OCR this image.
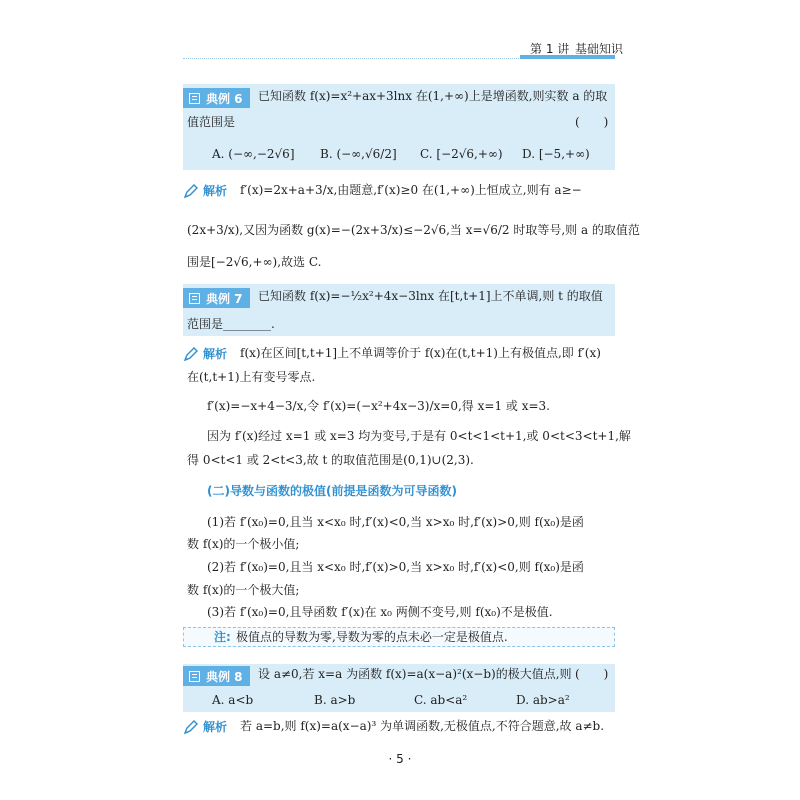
第 1 讲 基础知识
典例 6 已知函数 f(x)=x²+ax+3lnx 在(1,+∞)上是增函数,则实数 a 的取
值范围是	(　　)
A. (−∞,−2√6] B. (−∞,√6/2] C. [−2√6,+∞) D. [−5,+∞)
解析 f′(x)=2x+a+3/x,由题意,f′(x)≥0 在(1,+∞)上恒成立,则有 a≥−
(2x+3/x),又因为函数 g(x)=−(2x+3/x)≤−2√6,当 x=√6/2 时取等号,则 a 的取值范
围是[−2√6,+∞),故选 C.
典例 7 已知函数 f(x)=−½x²+4x−3lnx 在[t,t+1]上不单调,则 t 的取值
范围是________.
解析 f(x)在区间[t,t+1]上不单调等价于 f(x)在(t,t+1)上有极值点,即 f′(x)
在(t,t+1)上有变号零点.
f′(x)=−x+4−3/x,令 f′(x)=(−x²+4x−3)/x=0,得 x=1 或 x=3.
因为 f′(x)经过 x=1 或 x=3 均为变号,于是有 0<t<1<t+1,或 0<t<3<t+1,解
得 0<t<1 或 2<t<3,故 t 的取值范围是(0,1)∪(2,3).
(二)导数与函数的极值(前提是函数为可导函数)
(1)若 f′(x₀)=0,且当 x<x₀ 时,f′(x)<0,当 x>x₀ 时,f′(x)>0,则 f(x₀)是函
数 f(x)的一个极小值;
(2)若 f′(x₀)=0,且当 x<x₀ 时,f′(x)>0,当 x>x₀ 时,f′(x)<0,则 f(x₀)是函
数 f(x)的一个极大值;
(3)若 f′(x₀)=0,且导函数 f′(x)在 x₀ 两侧不变号,则 f(x₀)不是极值.
注: 极值点的导数为零,导数为零的点未必一定是极值点.
典例 8 设 a≠0,若 x=a 为函数 f(x)=a(x−a)²(x−b)的极大值点,则 (　　)
A. a<b	B. a>b	C. ab<a²	D. ab>a²
解析 若 a=b,则 f(x)=a(x−a)³ 为单调函数,无极值点,不符合题意,故 a≠b.
· 5 ·
